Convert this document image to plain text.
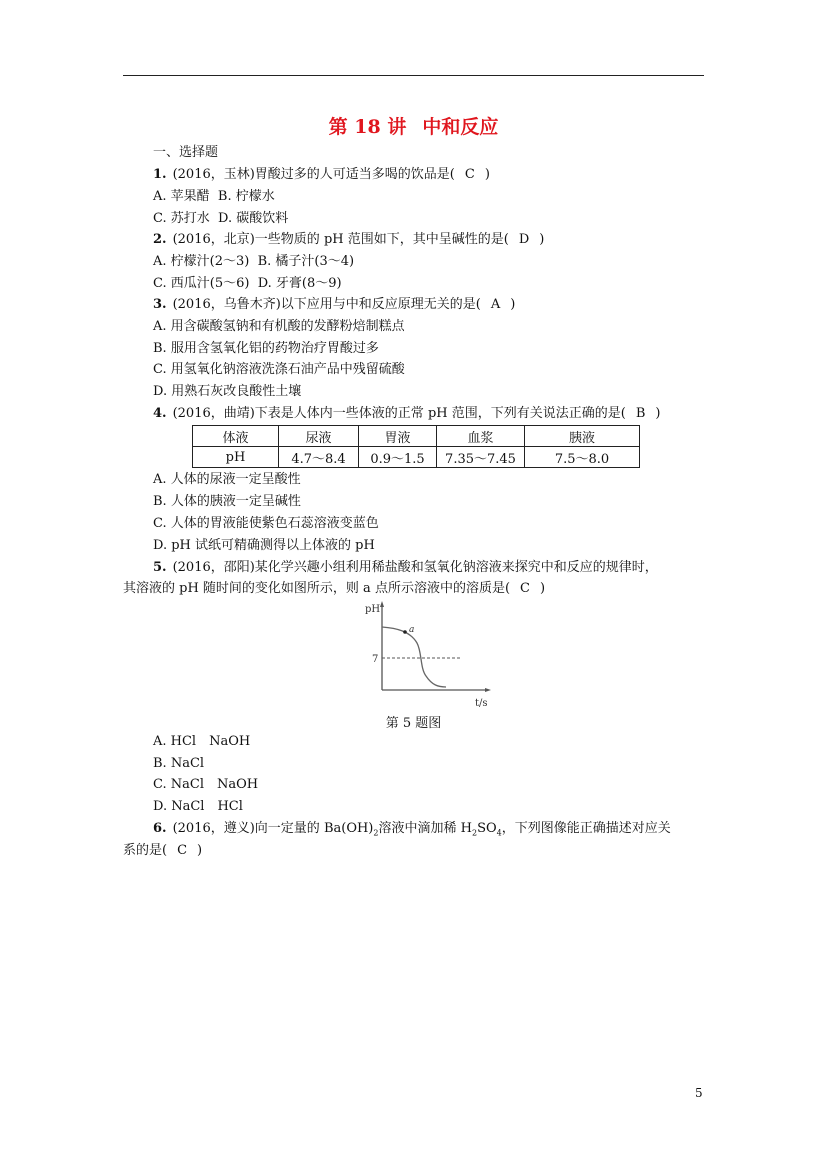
第 18 讲 中和反应
一、选择题
1. (2016，玉林)胃酸过多的人可适当多喝的饮品是( C )
A. 苹果醋 B. 柠檬水
C. 苏打水 D. 碳酸饮料
2. (2016，北京)一些物质的 pH 范围如下，其中呈碱性的是( D )
A. 柠檬汁(2～3) B. 橘子汁(3～4)
C. 西瓜汁(5～6) D. 牙膏(8～9)
3. (2016，乌鲁木齐)以下应用与中和反应原理无关的是( A )
A. 用含碳酸氢钠和有机酸的发酵粉焙制糕点
B. 服用含氢氧化铝的药物治疗胃酸过多
C. 用氢氧化钠溶液洗涤石油产品中残留硫酸
D. 用熟石灰改良酸性土壤
4. (2016，曲靖)下表是人体内一些体液的正常 pH 范围，下列有关说法正确的是( B )
体液	尿液	胃液	血浆	胰液
pH	4.7～8.4	0.9～1.5	7.35～7.45	7.5～8.0
A. 人体的尿液一定呈酸性
B. 人体的胰液一定呈碱性
C. 人体的胃液能使紫色石蕊溶液变蓝色
D. pH 试纸可精确测得以上体液的 pH
5. (2016，邵阳)某化学兴趣小组利用稀盐酸和氢氧化钠溶液来探究中和反应的规律时，
其溶液的 pH 随时间的变化如图所示，则 a 点所示溶液中的溶质是( C )
a
7
pH
t/s
第 5 题图
A. HCl　NaOH
B. NaCl
C. NaCl　NaOH
D. NaCl　HCl
6. (2016，遵义)向一定量的 $Ba(OH)_2$溶液中滴加稀 $H_2SO_4$，下列图像能正确描述对应关
系的是( C )
5
